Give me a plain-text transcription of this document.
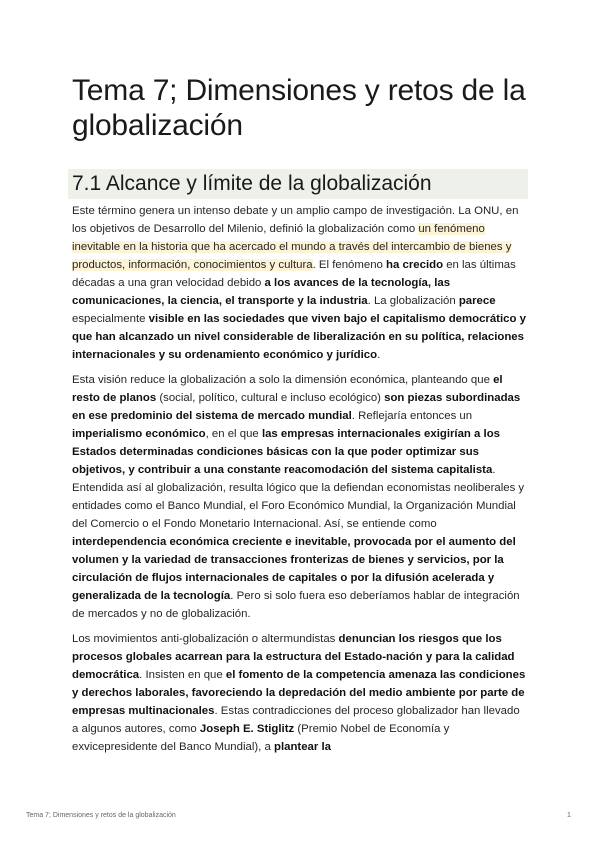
Tema 7; Dimensiones y retos de la globalización
7.1 Alcance y límite de la globalización

Este término genera un intenso debate y un amplio campo de investigación. La ONU, en los objetivos de Desarrollo del Milenio, definió la globalización como un fenómeno inevitable en la historia que ha acercado el mundo a través del intercambio de bienes y productos, información, conocimientos y cultura. El fenómeno ha crecido en las últimas décadas a una gran velocidad debido a los avances de la tecnología, las comunicaciones, la ciencia, el transporte y la industria. La globalización parece especialmente visible en las sociedades que viven bajo el capitalismo democrático y que han alcanzado un nivel considerable de liberalización en su política, relaciones internacionales y su ordenamiento económico y jurídico.

Esta visión reduce la globalización a solo la dimensión económica, planteando que el resto de planos (social, político, cultural e incluso ecológico) son piezas subordinadas en ese predominio del sistema de mercado mundial. Reflejaría entonces un imperialismo económico, en el que las empresas internacionales exigirían a los Estados determinadas condiciones básicas con la que poder optimizar sus objetivos, y contribuir a una constante reacomodación del sistema capitalista. Entendida así al globalización, resulta lógico que la defiendan economistas neoliberales y entidades como el Banco Mundial, el Foro Económico Mundial, la Organización Mundial del Comercio o el Fondo Monetario Internacional. Así, se entiende como interdependencia económica creciente e inevitable, provocada por el aumento del volumen y la variedad de transacciones fronterizas de bienes y servicios, por la circulación de flujos internacionales de capitales o por la difusión acelerada y generalizada de la tecnología. Pero si solo fuera eso deberíamos hablar de integración de mercados y no de globalización.

Los movimientos anti-globalización o altermundistas denuncian los riesgos que los procesos globales acarrean para la estructura del Estado-nación y para la calidad democrática. Insisten en que el fomento de la competencia amenaza las condiciones y derechos laborales, favoreciendo la depredación del medio ambiente por parte de empresas multinacionales. Estas contradicciones del proceso globalizador han llevado a algunos autores, como Joseph E. Stiglitz (Premio Nobel de Economía y exvicepresidente del Banco Mundial), a plantear la

Tema 7; Dimensiones y retos de la globalización	1
